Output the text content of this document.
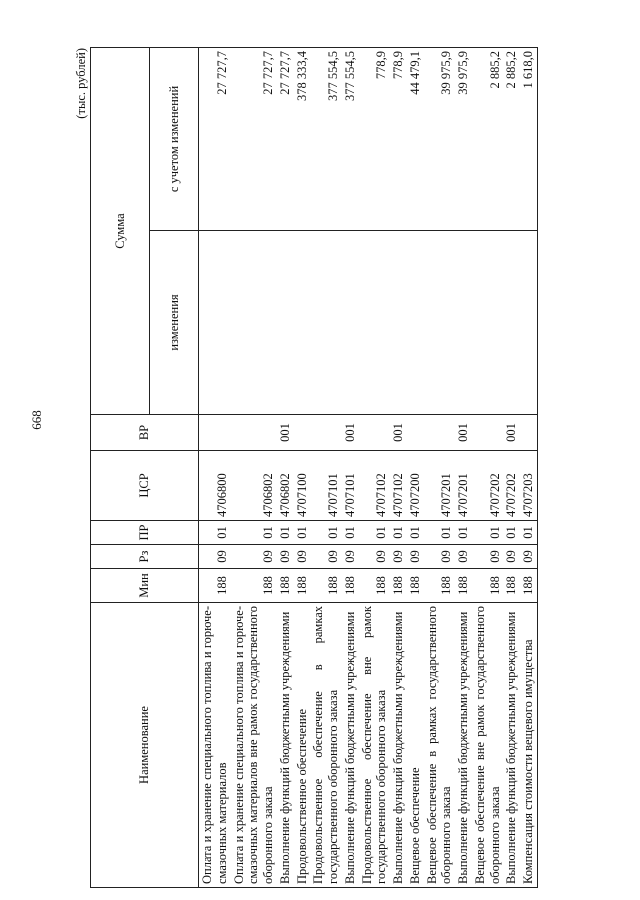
668
(тыс. рублей)
Наименование	Мин	Рз	ПР	ЦСР	ВР	Сумма	
						изменения	с учетом изменений
Оплата и хранение специального топлива и горюче-смазочных материалов	188	09	01	4706800			27 727,7
Оплата и хранение специального топлива и горюче-смазочных материалов вне рамок государственного оборонного заказа	188	09	01	4706802			27 727,7
Выполнение функций бюджетными учреждениями	188	09	01	4706802	001		27 727,7
Продовольственное обеспечение	188	09	01	4707100			378 333,4
Продовольственное обеспечение в рамках государственного оборонного заказа	188	09	01	4707101			377 554,5
Выполнение функций бюджетными учреждениями	188	09	01	4707101	001		377 554,5
Продовольственное обеспечение вне рамок государственного оборонного заказа	188	09	01	4707102			778,9
Выполнение функций бюджетными учреждениями	188	09	01	4707102	001		778,9
Вещевое обеспечение	188	09	01	4707200			44 479,1
Вещевое обеспечение в рамках государственного оборонного заказа	188	09	01	4707201			39 975,9
Выполнение функций бюджетными учреждениями	188	09	01	4707201	001		39 975,9
Вещевое обеспечение вне рамок государственного оборонного заказа	188	09	01	4707202			2 885,2
Выполнение функций бюджетными учреждениями	188	09	01	4707202	001		2 885,2
Компенсация стоимости вещевого имущества	188	09	01	4707203			1 618,0
